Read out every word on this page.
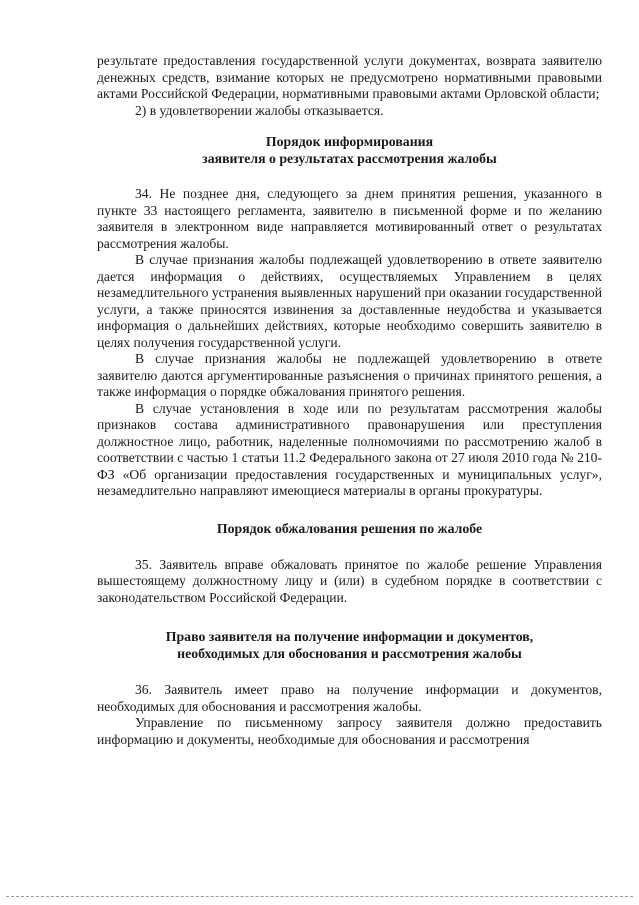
результате предоставления государственной услуги документах, возврата заявителю денежных средств, взимание которых не предусмотрено нормативными правовыми актами Российской Федерации, нормативными правовыми актами Орловской области;

2) в удовлетворении жалобы отказывается.

Порядок информирования
заявителя о результатах рассмотрения жалобы

34. Не позднее дня, следующего за днем принятия решения, указанного в пункте 33 настоящего регламента, заявителю в письменной форме и по желанию заявителя в электронном виде направляется мотивированный ответ о результатах рассмотрения жалобы.

В случае признания жалобы подлежащей удовлетворению в ответе заявителю дается информация о действиях, осуществляемых Управлением в целях незамедлительного устранения выявленных нарушений при оказании государственной услуги, а также приносятся извинения за доставленные неудобства и указывается информация о дальнейших действиях, которые необходимо совершить заявителю в целях получения государственной услуги.

В случае признания жалобы не подлежащей удовлетворению в ответе заявителю даются аргументированные разъяснения о причинах принятого решения, а также информация о порядке обжалования принятого решения.

В случае установления в ходе или по результатам рассмотрения жалобы признаков состава административного правонарушения или преступления должностное лицо, работник, наделенные полномочиями по рассмотрению жалоб в соответствии с частью 1 статьи 11.2 Федерального закона от 27 июля 2010 года № 210-ФЗ «Об организации предоставления государственных и муниципальных услуг», незамедлительно направляют имеющиеся материалы в органы прокуратуры.

Порядок обжалования решения по жалобе

35. Заявитель вправе обжаловать принятое по жалобе решение Управления вышестоящему должностному лицу и (или) в судебном порядке в соответствии с законодательством Российской Федерации.

Право заявителя на получение информации и документов,
необходимых для обоснования и рассмотрения жалобы

36. Заявитель имеет право на получение информации и документов, необходимых для обоснования и рассмотрения жалобы.

Управление по письменному запросу заявителя должно предоставить информацию и документы, необходимые для обоснования и рассмотрения
